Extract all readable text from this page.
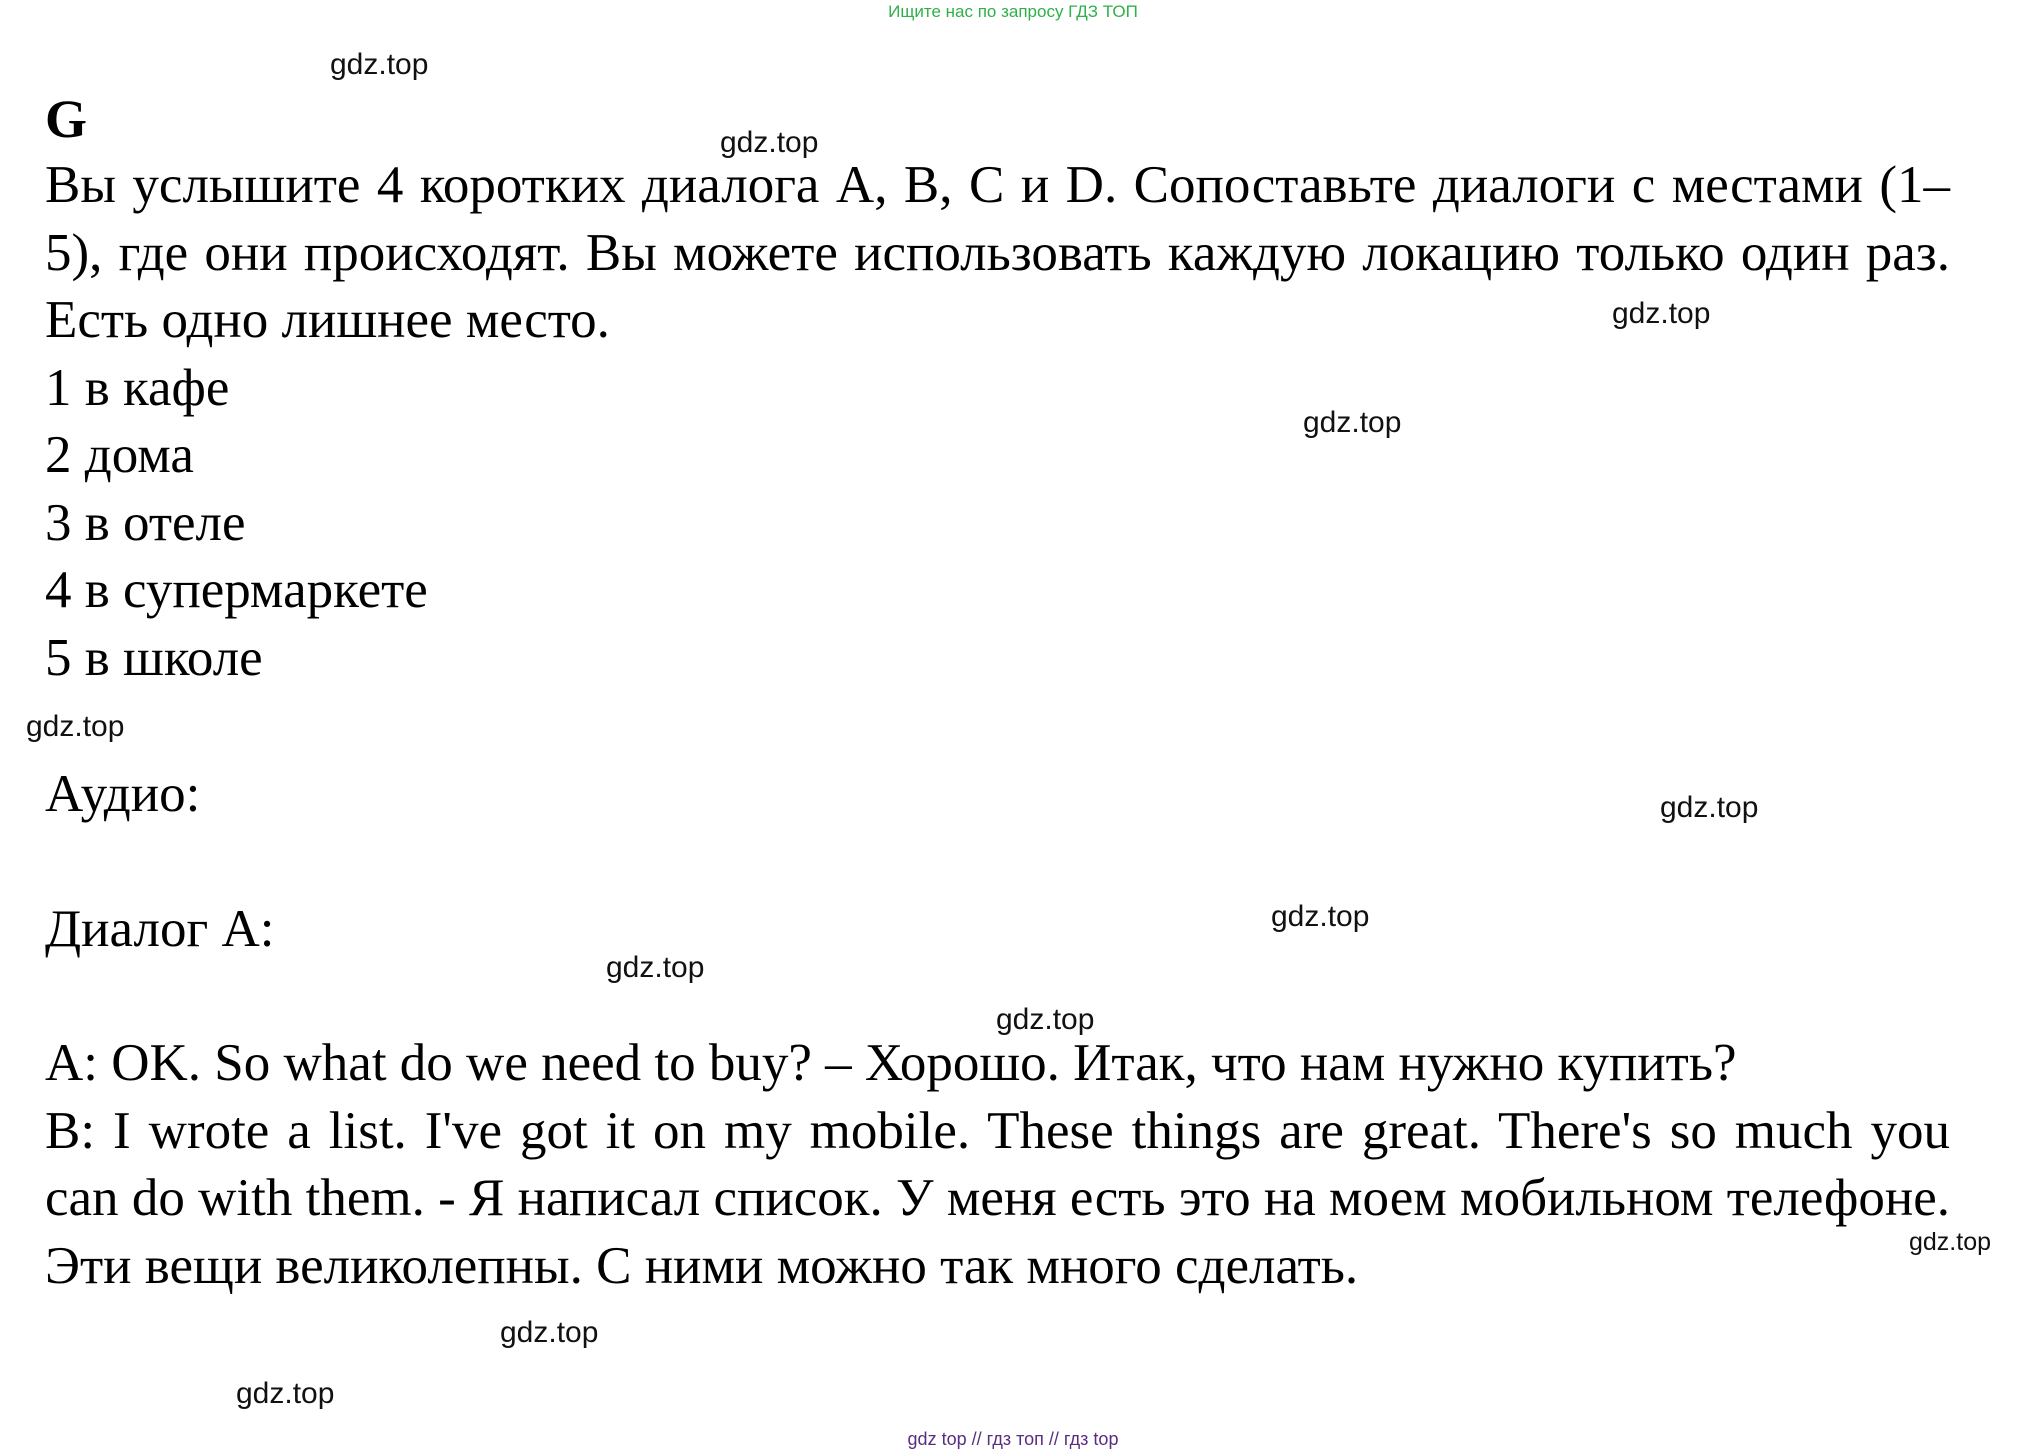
Ищите нас по запросу ГДЗ ТОП
G

Вы услышите 4 коротких диалога A, B, C и D. Сопоставьте диалоги с местами (1–5), где они происходят. Вы можете использовать каждую локацию только один раз. Есть одно лишнее место.

1 в кафе
2 дома
3 в отеле
4 в супермаркете
5 в школе

Аудио:

Диалог A:

A: OK. So what do we need to buy? – Хорошо. Итак, что нам нужно купить?

B: I wrote a list. I've got it on my mobile. These things are great. There's so much you can do with them. - Я написал список. У меня есть это на моем мобильном телефоне. Эти вещи великолепны. С ними можно так много сделать.

gdz.top
gdz.top
gdz.top
gdz.top
gdz.top
gdz.top
gdz.top
gdz.top
gdz.top
gdz.top
gdz.top
gdz.top
gdz top // гдз топ // гдз top
